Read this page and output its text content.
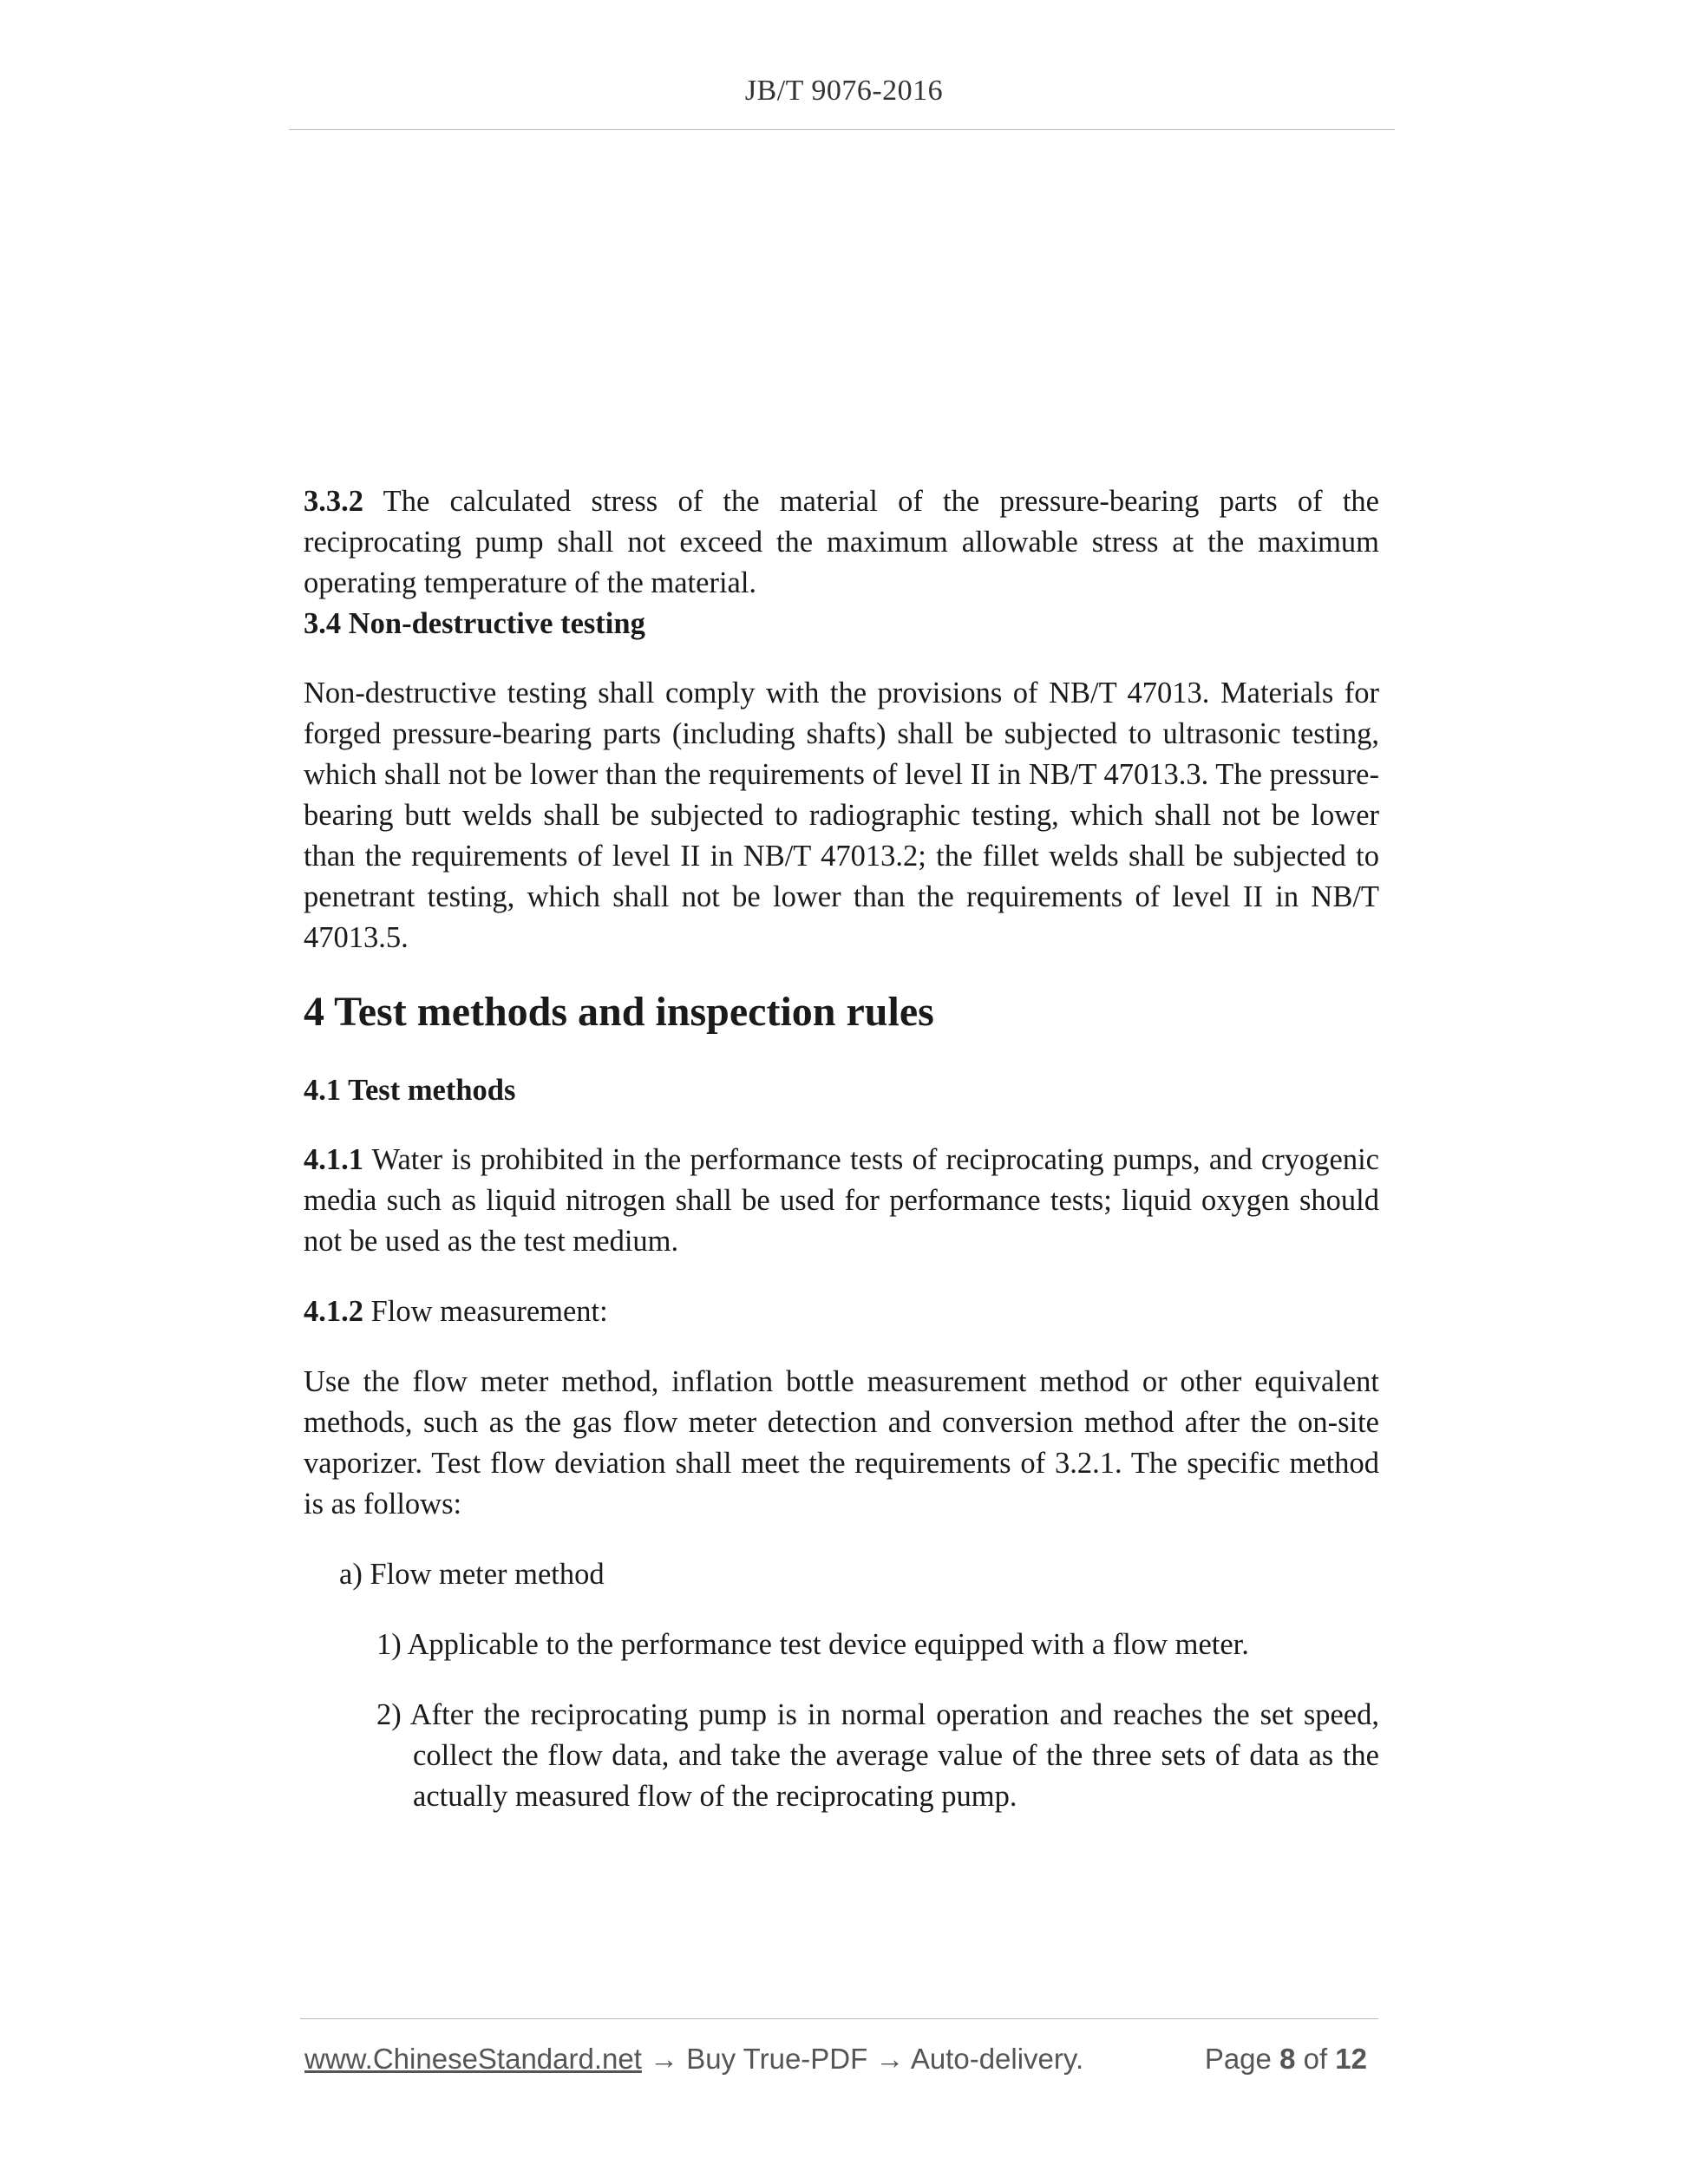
JB/T 9076-2016

3.3.2 The calculated stress of the material of the pressure-bearing parts of the reciprocating pump shall not exceed the maximum allowable stress at the maximum operating temperature of the material.

3.4 Non-destructive testing

Non-destructive testing shall comply with the provisions of NB/T 47013. Materials for forged pressure-bearing parts (including shafts) shall be subjected to ultrasonic testing, which shall not be lower than the requirements of level II in NB/T 47013.3. The pressure-bearing butt welds shall be subjected to radiographic testing, which shall not be lower than the requirements of level II in NB/T 47013.2; the fillet welds shall be subjected to penetrant testing, which shall not be lower than the requirements of level II in NB/T 47013.5.

4 Test methods and inspection rules

4.1 Test methods

4.1.1 Water is prohibited in the performance tests of reciprocating pumps, and cryogenic media such as liquid nitrogen shall be used for performance tests; liquid oxygen should not be used as the test medium.

4.1.2 Flow measurement:

Use the flow meter method, inflation bottle measurement method or other equivalent methods, such as the gas flow meter detection and conversion method after the on-site vaporizer. Test flow deviation shall meet the requirements of 3.2.1. The specific method is as follows:

a) Flow meter method

1) Applicable to the performance test device equipped with a flow meter.

2) After the reciprocating pump is in normal operation and reaches the set speed, collect the flow data, and take the average value of the three sets of data as the actually measured flow of the reciprocating pump.

www.ChineseStandard.net → Buy True-PDF → Auto-delivery.	Page 8 of 12
